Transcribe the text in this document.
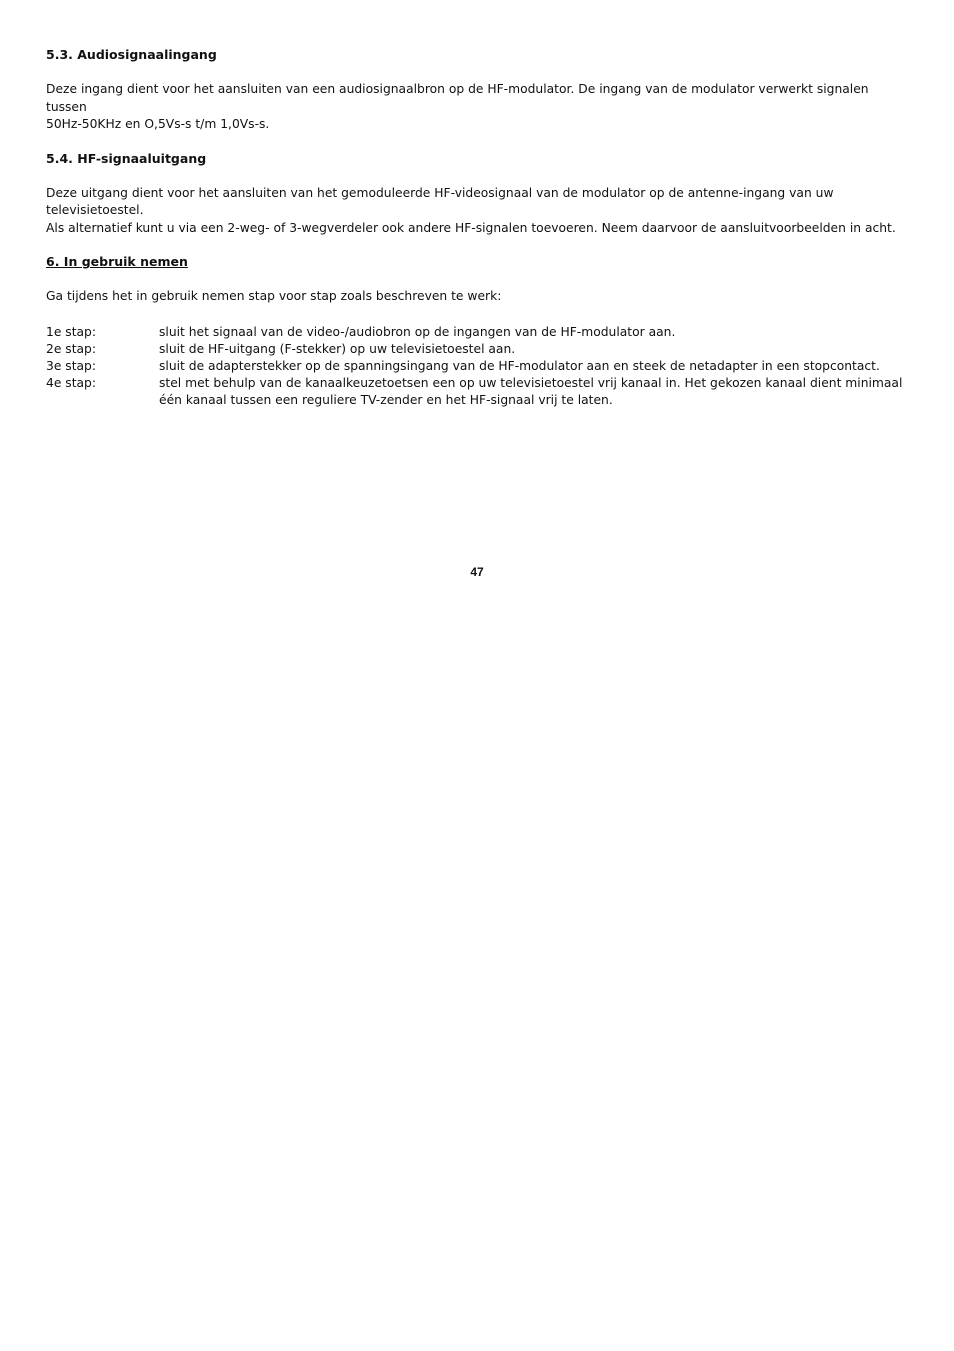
5.3. Audiosignaalingang

Deze ingang dient voor het aansluiten van een audiosignaalbron op de HF-modulator. De ingang van de modulator verwerkt signalen tussen
50Hz-50KHz en O,5Vs-s t/m 1,0Vs-s.

5.4. HF-signaaluitgang

Deze uitgang dient voor het aansluiten van het gemoduleerde HF-videosignaal van de modulator op de antenne-ingang van uw televisietoestel.
Als alternatief kunt u via een 2-weg- of 3-wegverdeler ook andere HF-signalen toevoeren. Neem daarvoor de aansluitvoorbeelden in acht.

6. In gebruik nemen

Ga tijdens het in gebruik nemen stap voor stap zoals beschreven te werk:

1e stap:	sluit het signaal van de video-/audiobron op de ingangen van de HF-modulator aan.
2e stap:	sluit de HF-uitgang (F-stekker) op uw televisietoestel aan.
3e stap:	sluit de adapterstekker op de spanningsingang van de HF-modulator aan en steek de netadapter in een stopcontact.
4e stap:	stel met behulp van de kanaalkeuzetoetsen een op uw televisietoestel vrij kanaal in. Het gekozen kanaal dient minimaal één kanaal tussen een reguliere TV-zender en het HF-signaal vrij te laten.
47
